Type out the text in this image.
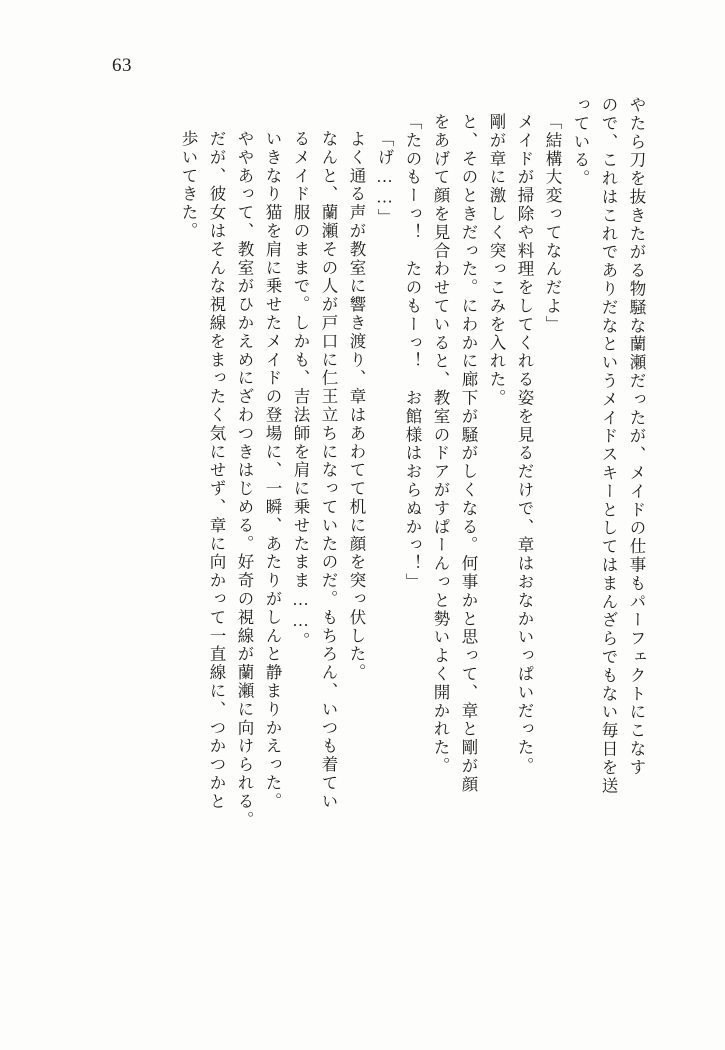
63
やたら刀を抜きたがる物騒な蘭瀬だったが、メイドの仕事もパーフェクトにこなす
ので、これはこれでありだなというメイドスキーとしてはまんざらでもない毎日を送
っている。
「結構大変ってなんだよ」
メイドが掃除や料理をしてくれる姿を見るだけで、章はおなかいっぱいだった。
剛が章に激しく突っこみを入れた。
と、そのときだった。にわかに廊下が騒がしくなる。何事かと思って、章と剛が顔
をあげて顔を見合わせていると、教室のドアがすぱーんっと勢いよく開かれた。
「たのもーっ！　たのもーっ！　お館様はおらぬかっ！」
「げ……」
よく通る声が教室に響き渡り、章はあわてて机に顔を突っ伏した。
なんと、蘭瀬その人が戸口に仁王立ちになっていたのだ。もちろん、いつも着てい
るメイド服のままで。しかも、吉法師を肩に乗せたまま……。
いきなり猫を肩に乗せたメイドの登場に、一瞬、あたりがしんと静まりかえった。
ややあって、教室がひかえめにざわつきはじめる。好奇の視線が蘭瀬に向けられる。
だが、彼女はそんな視線をまったく気にせず、章に向かって一直線に、つかつかと
歩いてきた。
